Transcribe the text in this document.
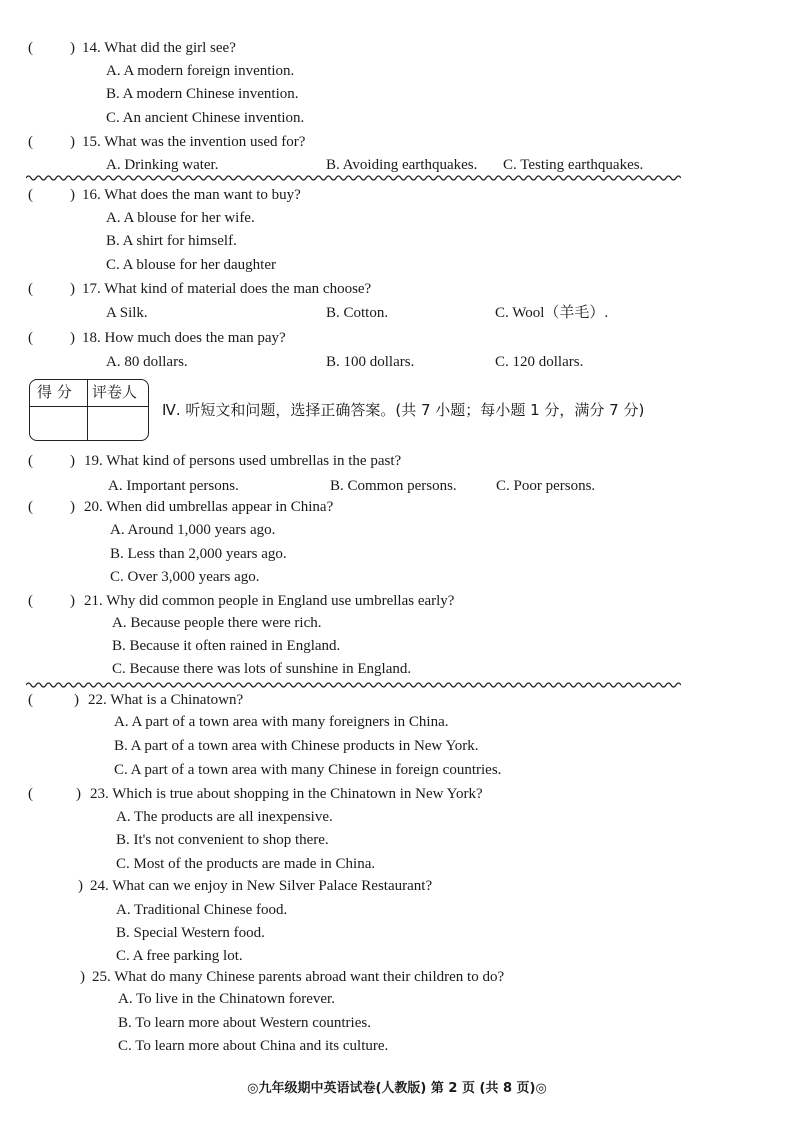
( ) 14. What did the girl see?
A. A modern foreign invention.
B. A modern Chinese invention.
C. An ancient Chinese invention.
( ) 15. What was the invention used for?
A. Drinking water.	B. Avoiding earthquakes. C. Testing earthquakes.
( ) 16. What does the man want to buy?
A. A blouse for her wife.
B. A shirt for himself.
C. A blouse for her daughter
( ) 17. What kind of material does the man choose?
A Silk.	B. Cotton.	C. Wool（羊毛）.
( ) 18. How much does the man pay?
A. 80 dollars.	B. 100 dollars.	C. 120 dollars.
得 分 评卷人
Ⅳ. 听短文和问题，选择正确答案。(共 7 小题；每小题 1 分，满分 7 分)
( ) 19. What kind of persons used umbrellas in the past?
A. Important persons.	B. Common persons.	C. Poor persons.
( ) 20. When did umbrellas appear in China?
A. Around 1,000 years ago.
B. Less than 2,000 years ago.
C. Over 3,000 years ago.
( ) 21. Why did common people in England use umbrellas early?
A. Because people there were rich.
B. Because it often rained in England.
C. Because there was lots of sunshine in England.
(	) 22. What is a Chinatown?
A. A part of a town area with many foreigners in China.
B. A part of a town area with Chinese products in New York.
C. A part of a town area with many Chinese in foreign countries.
(	) 23. Which is true about shopping in the Chinatown in New York?
A. The products are all inexpensive.
B. It's not convenient to shop there.
C. Most of the products are made in China.
) 24. What can we enjoy in New Silver Palace Restaurant?
A. Traditional Chinese food.
B. Special Western food.
C. A free parking lot.
) 25. What do many Chinese parents abroad want their children to do?
A. To live in the Chinatown forever.
B. To learn more about Western countries.
C. To learn more about China and its culture.
◎九年级期中英语试卷(人教版) 第 2 页 (共 8 页)◎
